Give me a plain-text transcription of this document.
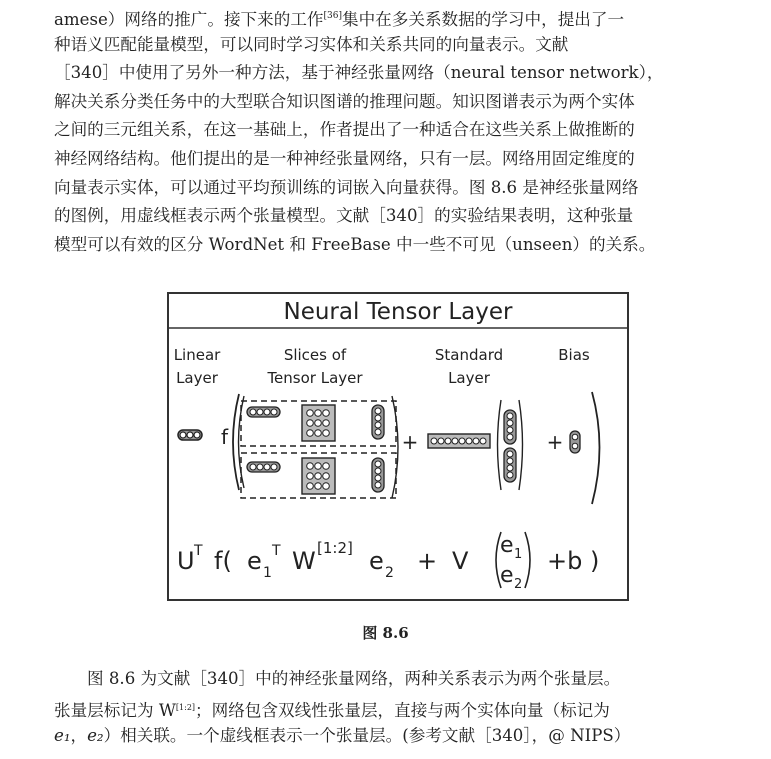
amese）网络的推广。接下来的工作[36]集中在多关系数据的学习中，提出了一
种语义匹配能量模型，可以同时学习实体和关系共同的向量表示。文献
［340］中使用了另外一种方法，基于神经张量网络（neural tensor network），
解决关系分类任务中的大型联合知识图谱的推理问题。知识图谱表示为两个实体
之间的三元组关系，在这一基础上，作者提出了一种适合在这些关系上做推断的
神经网络结构。他们提出的是一种神经张量网络，只有一层。网络用固定维度的
向量表示实体，可以通过平均预训练的词嵌入向量获得。图 8.6 是神经张量网络
的图例，用虚线框表示两个张量模型。文献［340］的实验结果表明，这种张量
模型可以有效的区分 WordNet 和 FreeBase 中一些不可见（unseen）的关系。
Neural Tensor Layer
Linear
Layer
Slices of
Tensor Layer
Standard
Layer
Bias
f	+	+
U T f( e 1
T W [1:2] e 2 + V
e 1
e 2
+b )
图 8.6
图 8.6 为文献［340］中的神经张量网络，两种关系表示为两个张量层。
张量层标记为 W[1:2]；网络包含双线性张量层，直接与两个实体向量（标记为
e₁，e₂）相关联。一个虚线框表示一个张量层。(参考文献［340］，@ NIPS）
